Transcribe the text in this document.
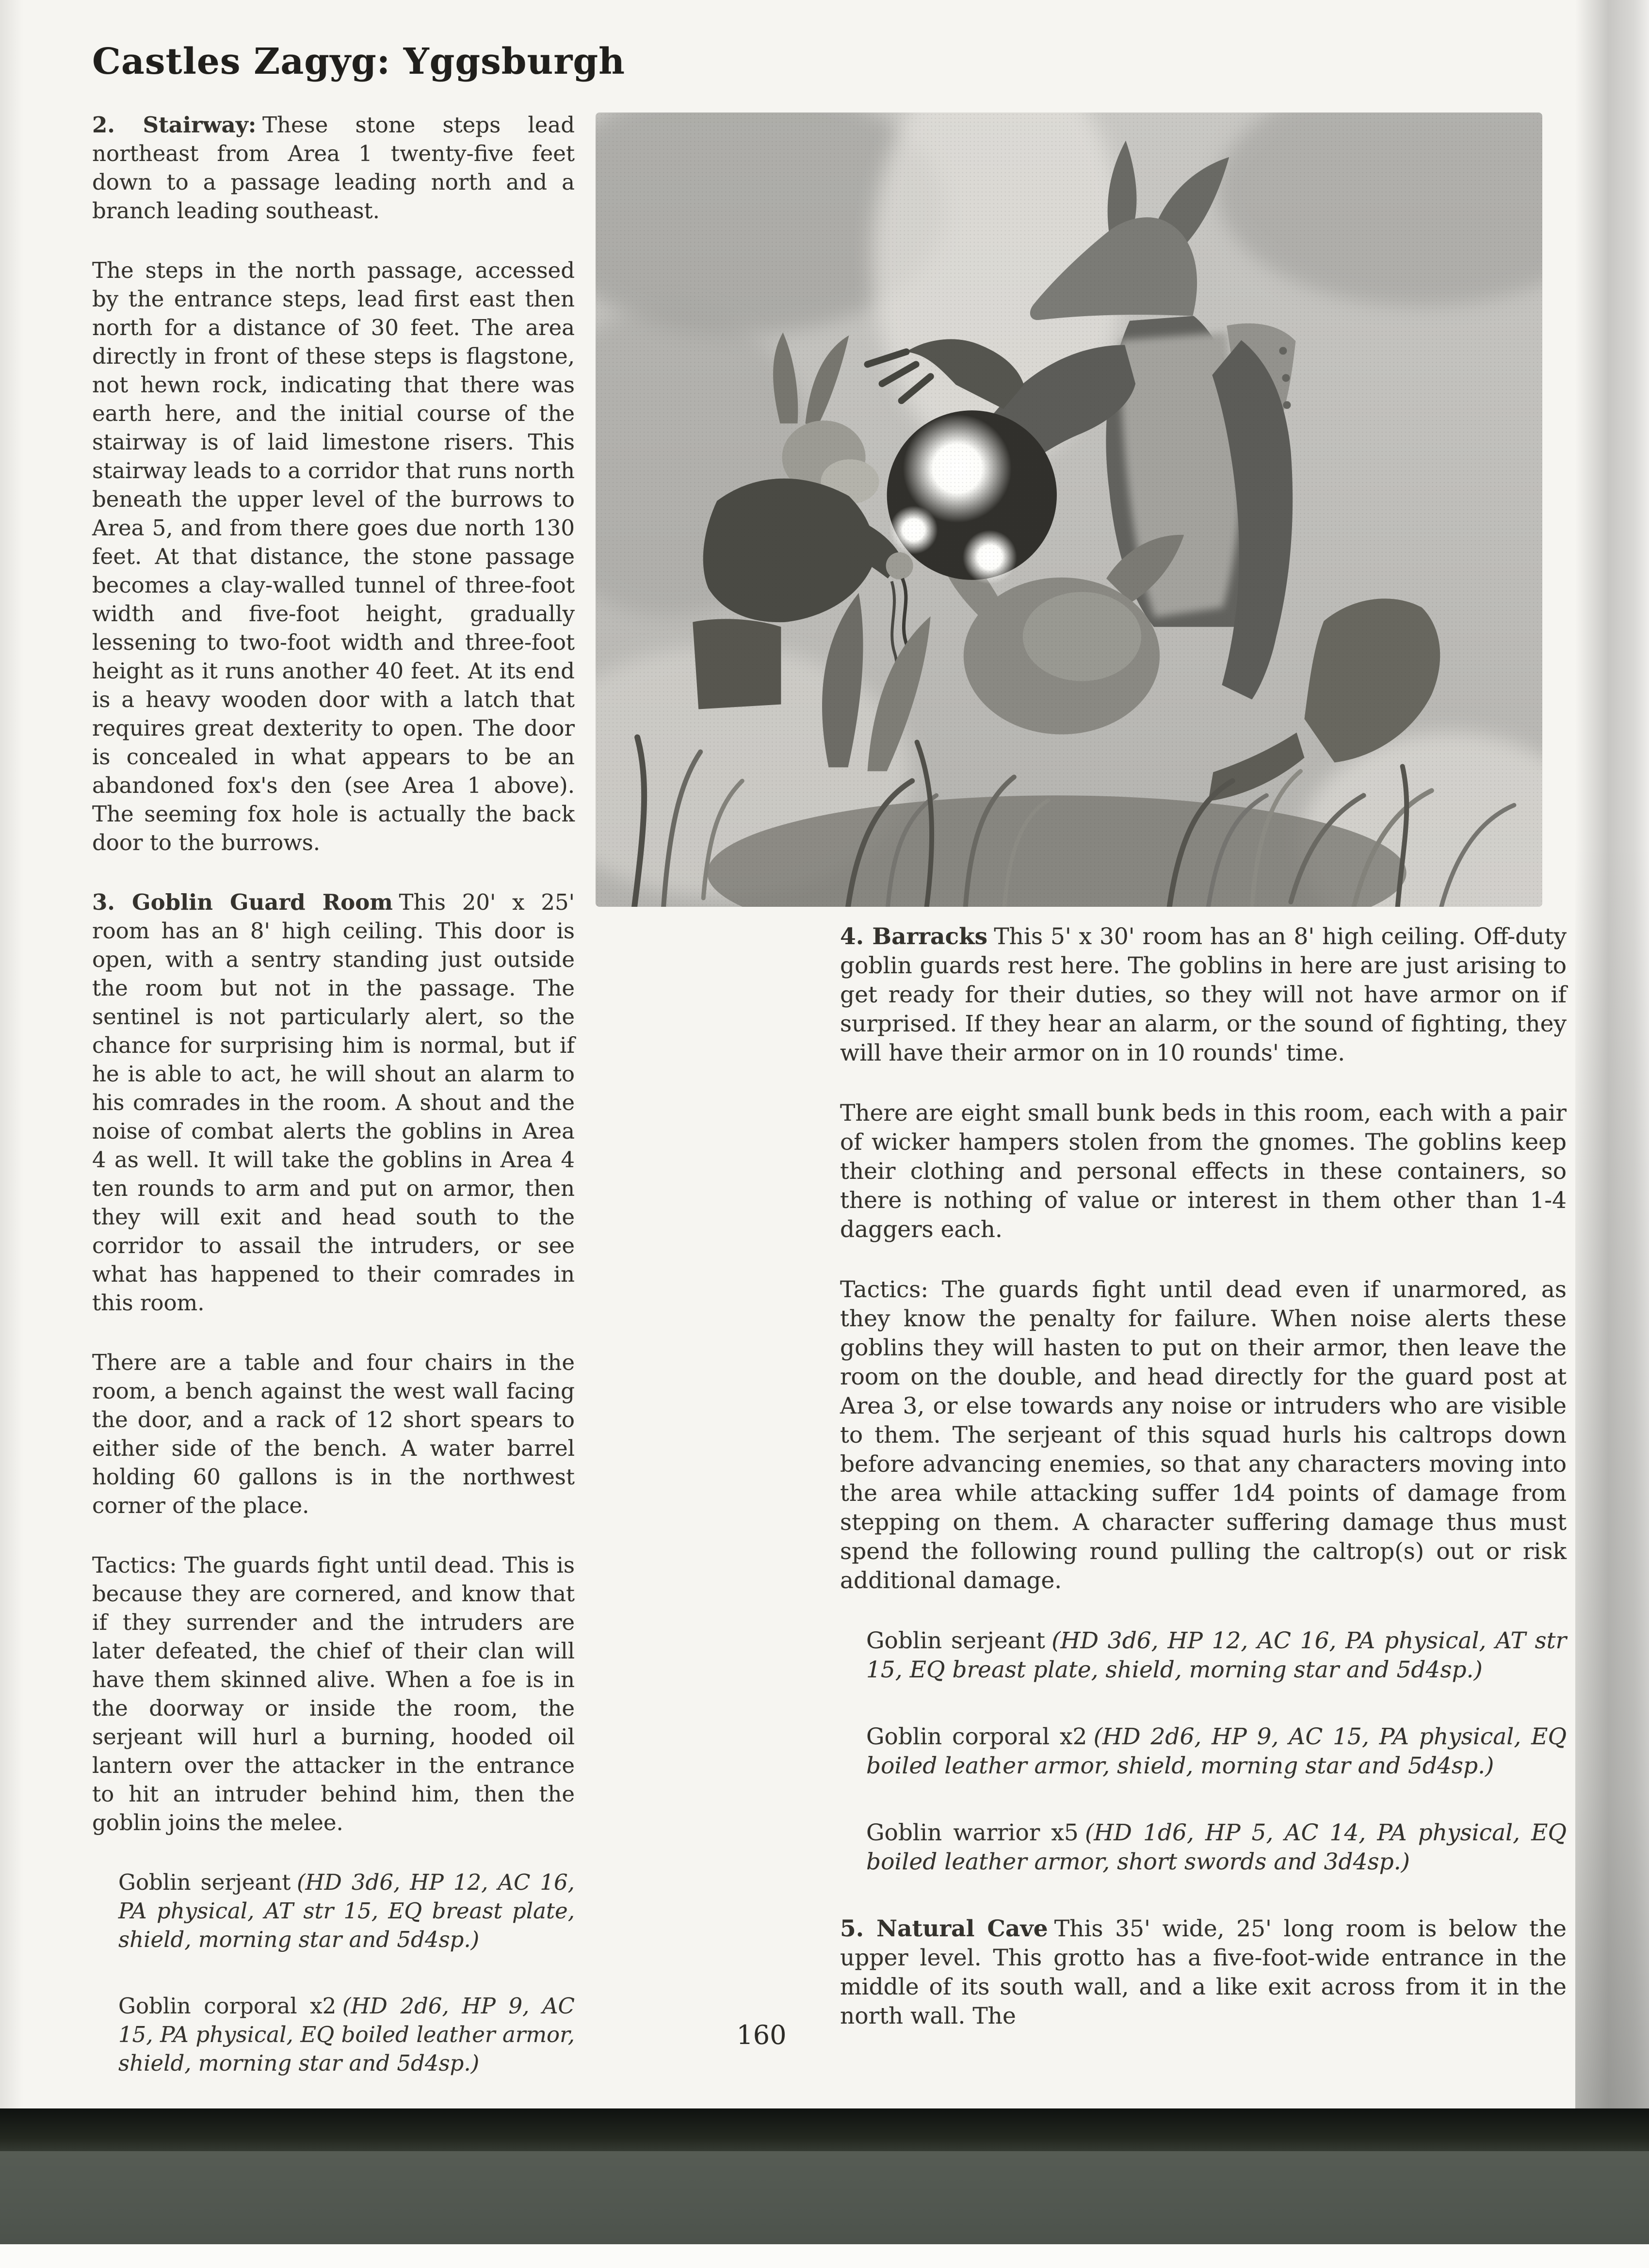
Castles Zagyg: Yggsburgh

2. Stairway: These stone steps lead northeast from Area 1 twenty-five feet down to a passage leading north and a branch leading southeast.

The steps in the north passage, accessed by the entrance steps, lead first east then north for a distance of 30 feet. The area directly in front of these steps is flagstone, not hewn rock, indicating that there was earth here, and the initial course of the stairway is of laid limestone risers. This stairway leads to a corridor that runs north beneath the upper level of the burrows to Area 5, and from there goes due north 130 feet. At that distance, the stone passage becomes a clay-walled tunnel of three-foot width and five-foot height, gradually lessening to two-foot width and three-foot height as it runs another 40 feet. At its end is a heavy wooden door with a latch that requires great dexterity to open. The door is concealed in what appears to be an abandoned fox's den (see Area 1 above). The seeming fox hole is actually the back door to the burrows.

3. Goblin Guard Room This 20' x 25' room has an 8' high ceiling. This door is open, with a sentry standing just outside the room but not in the passage. The sentinel is not particularly alert, so the chance for surprising him is normal, but if he is able to act, he will shout an alarm to his comrades in the room. A shout and the noise of combat alerts the goblins in Area 4 as well. It will take the goblins in Area 4 ten rounds to arm and put on armor, then they will exit and head south to the corridor to assail the intruders, or see what has happened to their comrades in this room.

There are a table and four chairs in the room, a bench against the west wall facing the door, and a rack of 12 short spears to either side of the bench. A water barrel holding 60 gallons is in the northwest corner of the place.

Tactics: The guards fight until dead. This is because they are cornered, and know that if they surrender and the intruders are later defeated, the chief of their clan will have them skinned alive. When a foe is in the doorway or inside the room, the serjeant will hurl a burning, hooded oil lantern over the attacker in the entrance to hit an intruder behind him, then the goblin joins the melee.

Goblin serjeant (HD 3d6, HP 12, AC 16, PA physical, AT str 15, EQ breast plate, shield, morning star and 5d4sp.)

Goblin corporal x2 (HD 2d6, HP 9, AC 15, PA physical, EQ boiled leather armor, shield, morning star and 5d4sp.)

4. Barracks This 5' x 30' room has an 8' high ceiling. Off-duty goblin guards rest here. The goblins in here are just arising to get ready for their duties, so they will not have armor on if surprised. If they hear an alarm, or the sound of fighting, they will have their armor on in 10 rounds' time.

There are eight small bunk beds in this room, each with a pair of wicker hampers stolen from the gnomes. The goblins keep their clothing and personal effects in these containers, so there is nothing of value or interest in them other than 1-4 daggers each.

Tactics: The guards fight until dead even if unarmored, as they know the penalty for failure. When noise alerts these goblins they will hasten to put on their armor, then leave the room on the double, and head directly for the guard post at Area 3, or else towards any noise or intruders who are visible to them. The serjeant of this squad hurls his caltrops down before advancing enemies, so that any characters moving into the area while attacking suffer 1d4 points of damage from stepping on them. A character suffering damage thus must spend the following round pulling the caltrop(s) out or risk additional damage.

Goblin serjeant (HD 3d6, HP 12, AC 16, PA physical, AT str 15, EQ breast plate, shield, morning star and 5d4sp.)

Goblin corporal x2 (HD 2d6, HP 9, AC 15, PA physical, EQ boiled leather armor, shield, morning star and 5d4sp.)

Goblin warrior x5 (HD 1d6, HP 5, AC 14, PA physical, EQ boiled leather armor, short swords and 3d4sp.)

5. Natural Cave This 35' wide, 25' long room is below the upper level. This grotto has a five-foot-wide entrance in the middle of its south wall, and a like exit across from it in the north wall. The

160
